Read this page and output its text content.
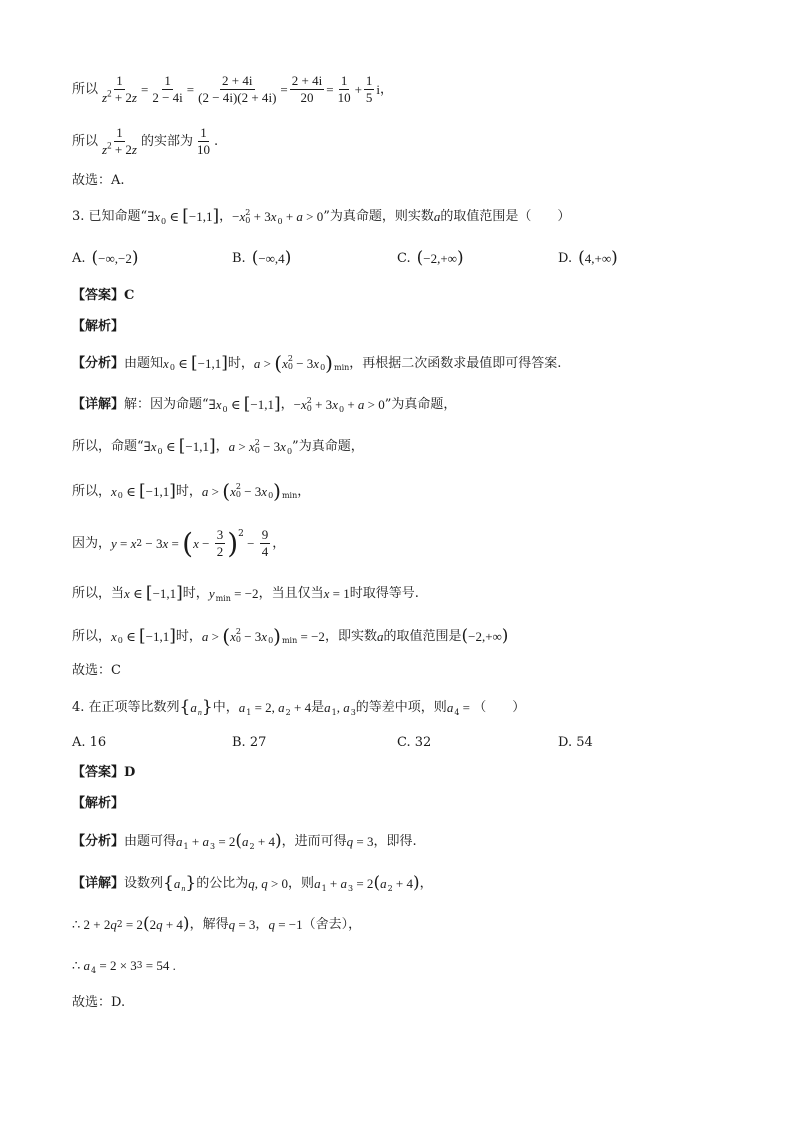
所以 $\frac{1}{z^2 + 2z} = \frac{1}{2 - 4i} = \frac{2 + 4i}{(2 - 4i)(2 + 4i)} = \frac{2 + 4i}{20} = \frac{1}{10} + \frac{1}{5}$ i ，
所以 $\frac{1}{z^2 + 2z}$ 的实部为 $\frac{1}{10}$ .
故选：A.
3. 已知命题“ ∃ x 0 ∈ [ −1,1 ] ， − x 2
0 + 3 x 0 + a > 0 ”为真命题，则实数 a 的取值范围是（　　）
A. ( −∞,−2 )	B. ( −∞,4 )	C. ( −2,+∞ )	D. ( 4,+∞ )
【答案】C
【解析】
【分析】 由题知 x 0 ∈ [ −1,1 ] 时， a > ( x 2
0 − 3 x 0 ) min ，再根据二次函数求最值即可得答案.
【详解】 解：因为命题“ ∃ x 0 ∈ [ −1,1 ] ， − x 2
0 + 3 x 0 + a > 0 ”为真命题，
所以，命题“ ∃ x 0 ∈ [ −1,1 ] ， a > x 2
0 − 3 x 0 ”为真命题，
所以， x 0 ∈ [ −1,1 ] 时， a > ( x 2
0 − 3 x 0 ) min ，
因为， y = x 2 − 3 x = ( $x - \frac{3}{2} )^2$
− $\frac{9}{4}$ ，
所以，当 x ∈ [ −1,1 ] 时， y min = −2 ，当且仅当 x = 1 时取得等号.
所以， x 0 ∈ [ −1,1 ] 时， a > ( x 2
0 − 3 x 0 ) min = −2 ，即实数 a 的取值范围是 ( −2,+∞ )
故选：C
4. 在正项等比数列 { a n } 中， a 1 = 2, a 2 + 4 是 a 1 , a 3 的等差中项，则 a 4 = （　　）
A. 16	B. 27	C. 32	D. 54
【答案】D
【解析】
【分析】 由题可得 a 1 + a 3 = 2 ( a 2 + 4 ) ，进而可得 q = 3 ，即得.
【详解】 设数列 { a n } 的公比为 q , q > 0 ，则 a 1 + a 3 = 2 ( a 2 + 4 ) ，
∴ 2 + 2 q 2 = 2 ( 2 q + 4 ) ，解得 q = 3 ， q = −1 （舍去），
∴ a 4 = 2 × 3 3 = 54 .
故选：D.
